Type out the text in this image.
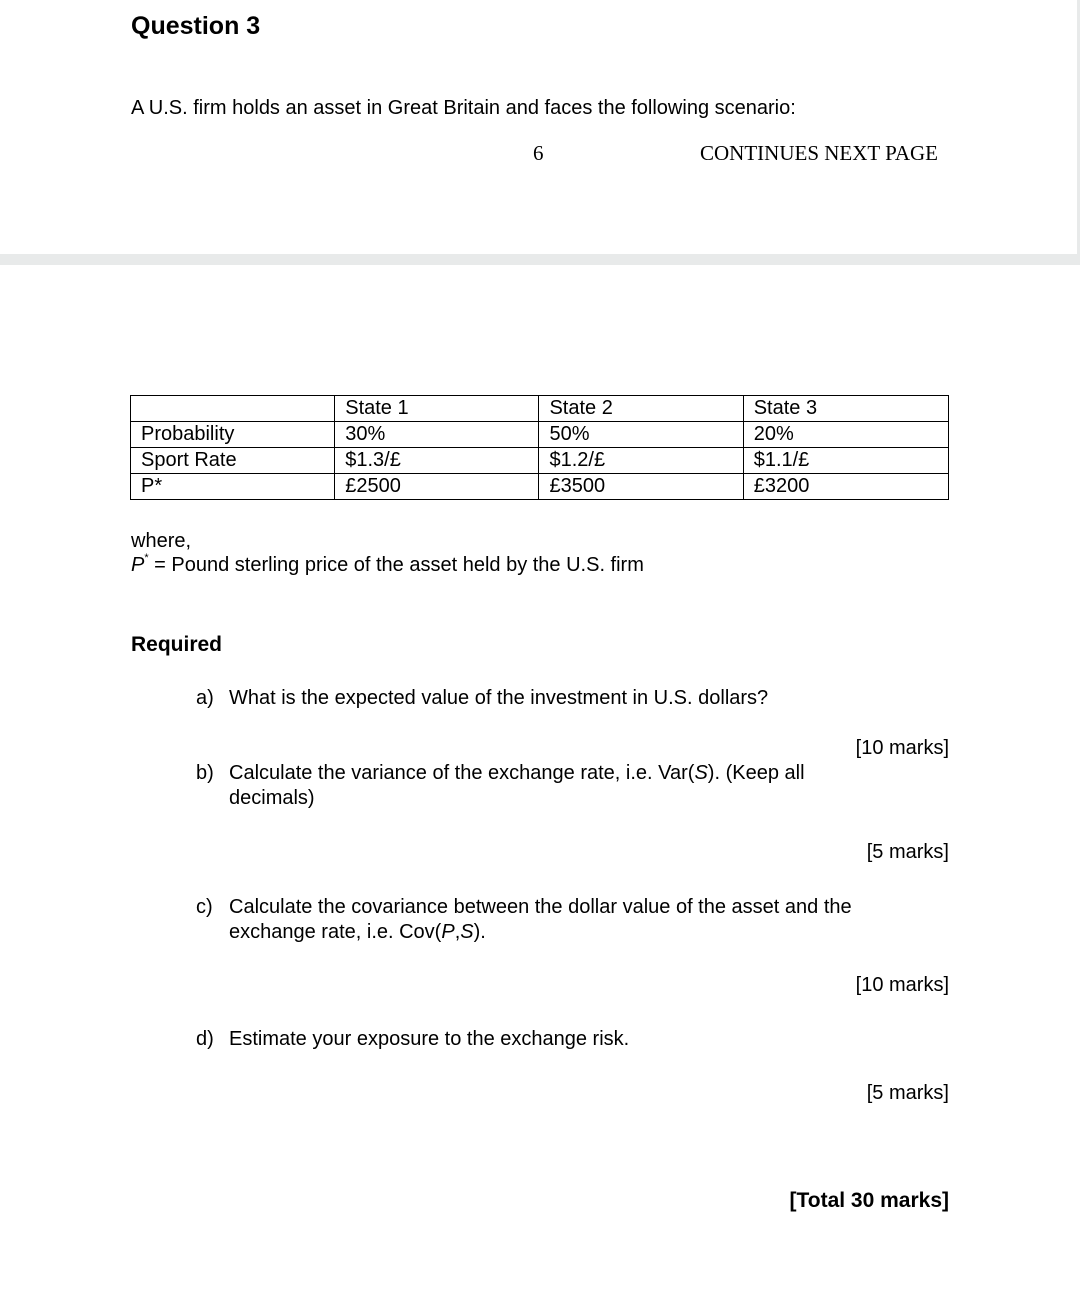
Question 3
A U.S. firm holds an asset in Great Britain and faces the following scenario:
6	CONTINUES NEXT PAGE
	State 1	State 2	State 3
Probability	30%	50%	20%
Sport Rate	$1.3/£	$1.2/£	$1.1/£
P*	£2500	£3500	£3200
where,
P* = Pound sterling price of the asset held by the U.S. firm
Required
a) What is the expected value of the investment in U.S. dollars?
[10 marks]
b) Calculate the variance of the exchange rate, i.e. Var(S). (Keep all
decimals)
[5 marks]
c) Calculate the covariance between the dollar value of the asset and the
exchange rate, i.e. Cov(P,S).
[10 marks]
d) Estimate your exposure to the exchange risk.
[5 marks]
[Total 30 marks]
